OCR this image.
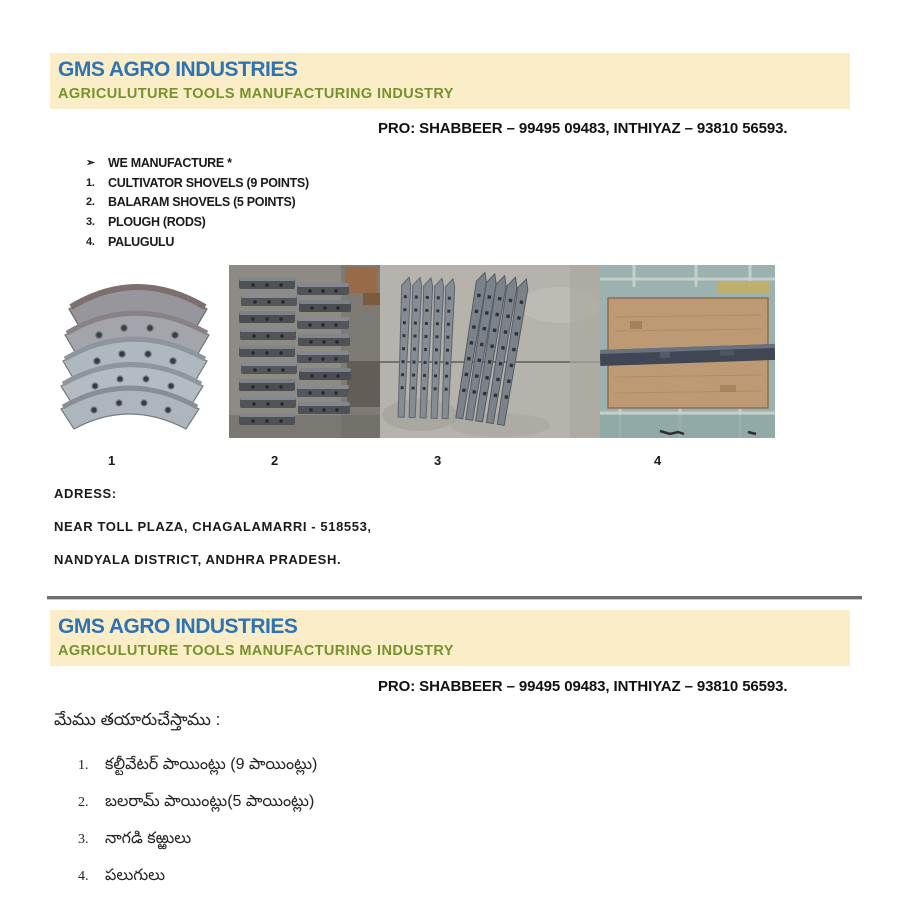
GMS AGRO INDUSTRIES
AGRICULUTURE TOOLS MANUFACTURING INDUSTRY
PRO: SHABBEER – 99495 09483, INTHIYAZ – 93810 56593.
➢	WE MANUFACTURE *
1.	CULTIVATOR SHOVELS (9 POINTS)
2.	BALARAM SHOVELS (5 POINTS)
3.	PLOUGH (RODS)
4.	PALUGULU
1	2	3	4

ADRESS:

NEAR TOLL PLAZA, CHAGALAMARRI - 518553,

NANDYALA DISTRICT, ANDHRA PRADESH.

GMS AGRO INDUSTRIES
AGRICULUTURE TOOLS MANUFACTURING INDUSTRY
PRO: SHABBEER – 99495 09483, INTHIYAZ – 93810 56593.
మేము తయారుచేస్తాము :
1.	కల్టీవేటర్ పాయింట్లు (9 పాయింట్లు)
2.	బలరామ్ పాయింట్లు(5 పాయింట్లు)
3.	నాగడి కఱ్ఱులు
4.	పలుగులు
